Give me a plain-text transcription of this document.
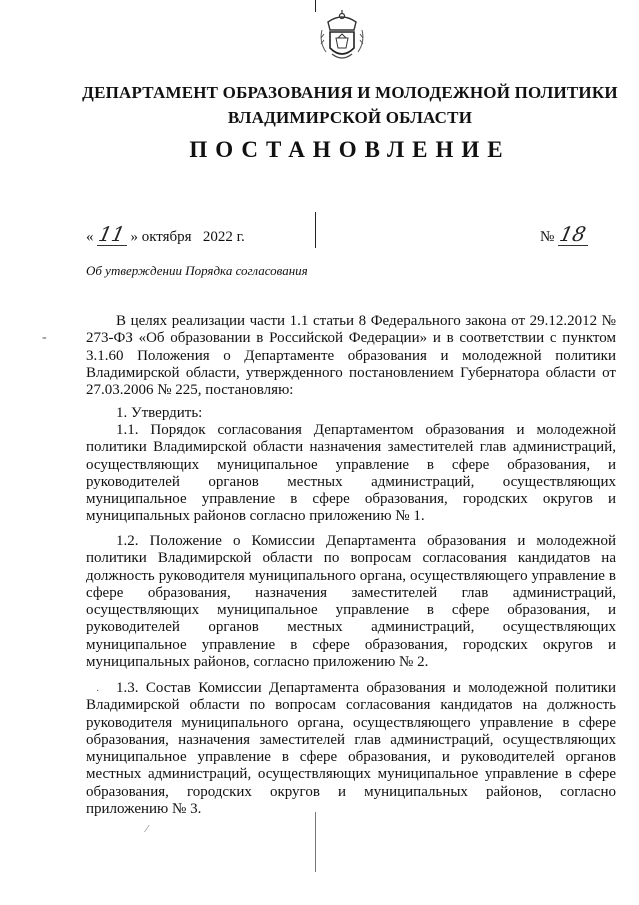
ДЕПАРТАМЕНТ ОБРАЗОВАНИЯ И МОЛОДЕЖНОЙ ПОЛИТИКИ
ВЛАДИМИРСКОЙ ОБЛАСТИ
ПОСТАНОВЛЕНИЕ
« 11 » октября 2022 г.	№ 18
Об утверждении Порядка согласования

В целях реализации части 1.1 статьи 8 Федерального закона от 29.12.2012 № 273-ФЗ «Об образовании в Российской Федерации» и в соответствии с пунктом 3.1.60 Положения о Департаменте образования и молодежной политики Владимирской области, утвержденного постановлением Губернатора области от 27.03.2006 № 225, постановляю:

1. Утвердить:

1.1. Порядок согласования Департаментом образования и молодежной политики Владимирской области назначения заместителей глав администраций, осуществляющих муниципальное управление в сфере образования, и руководителей органов местных администраций, осуществляющих муниципальное управление в сфере образования, городских округов и муниципальных районов согласно приложению № 1.

1.2. Положение о Комиссии Департамента образования и молодежной политики Владимирской области по вопросам согласования кандидатов на должность руководителя муниципального органа, осуществляющего управление в сфере образования, назначения заместителей глав администраций, осуществляющих муниципальное управление в сфере образования, и руководителей органов местных администраций, осуществляющих муниципальное управление в сфере образования, городских округов и муниципальных районов, согласно приложению № 2.

1.3. Состав Комиссии Департамента образования и молодежной политики Владимирской области по вопросам согласования кандидатов на должность руководителя муниципального органа, осуществляющего управление в сфере образования, назначения заместителей глав администраций, осуществляющих муниципальное управление в сфере образования, и руководителей органов местных администраций, осуществляющих муниципальное управление в сфере образования, городских округов и муниципальных районов, согласно приложению № 3.

-
·
⁄
